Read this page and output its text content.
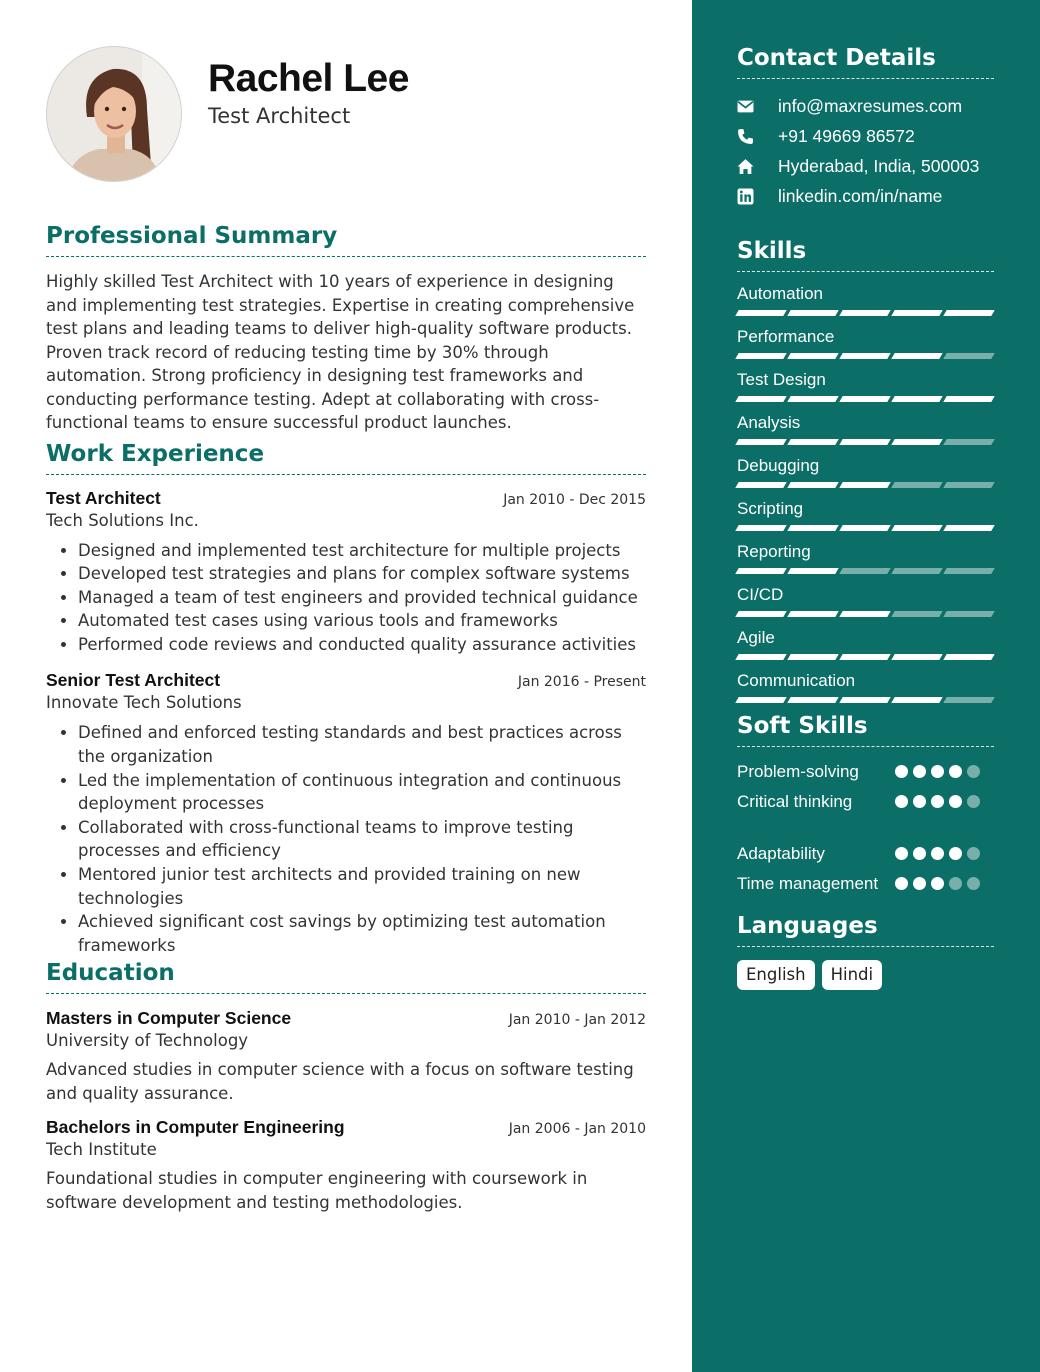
Rachel Lee
Test Architect
Professional Summary

Highly skilled Test Architect with 10 years of experience in designing and implementing test strategies. Expertise in creating comprehensive test plans and leading teams to deliver high-quality software products. Proven track record of reducing testing time by 30% through automation. Strong proficiency in designing test frameworks and conducting performance testing. Adept at collaborating with cross-functional teams to ensure successful product launches.

Work Experience
Test Architect	Jan 2010 - Dec 2015
Tech Solutions Inc.
• Designed and implemented test architecture for multiple projects
• Developed test strategies and plans for complex software systems
• Managed a team of test engineers and provided technical guidance
• Automated test cases using various tools and frameworks
• Performed code reviews and conducted quality assurance activities
Senior Test Architect	Jan 2016 - Present
Innovate Tech Solutions
• Defined and enforced testing standards and best practices across the organization
• Led the implementation of continuous integration and continuous deployment processes
• Collaborated with cross-functional teams to improve testing processes and efficiency
• Mentored junior test architects and provided training on new technologies
• Achieved significant cost savings by optimizing test automation frameworks
Education
Masters in Computer Science	Jan 2010 - Jan 2012
University of Technology

Advanced studies in computer science with a focus on software testing and quality assurance.

Bachelors in Computer Engineering	Jan 2006 - Jan 2010
Tech Institute

Foundational studies in computer engineering with coursework in software development and testing methodologies.

Contact Details
info@maxresumes.com
+91 49669 86572
Hyderabad, India, 500003
linkedin.com/in/name
Skills
Automation
Performance
Test Design
Analysis
Debugging
Scripting
Reporting
CI/CD
Agile
Communication
Soft Skills
Problem-solving
Critical thinking
Adaptability
Time management
Languages
English	Hindi
